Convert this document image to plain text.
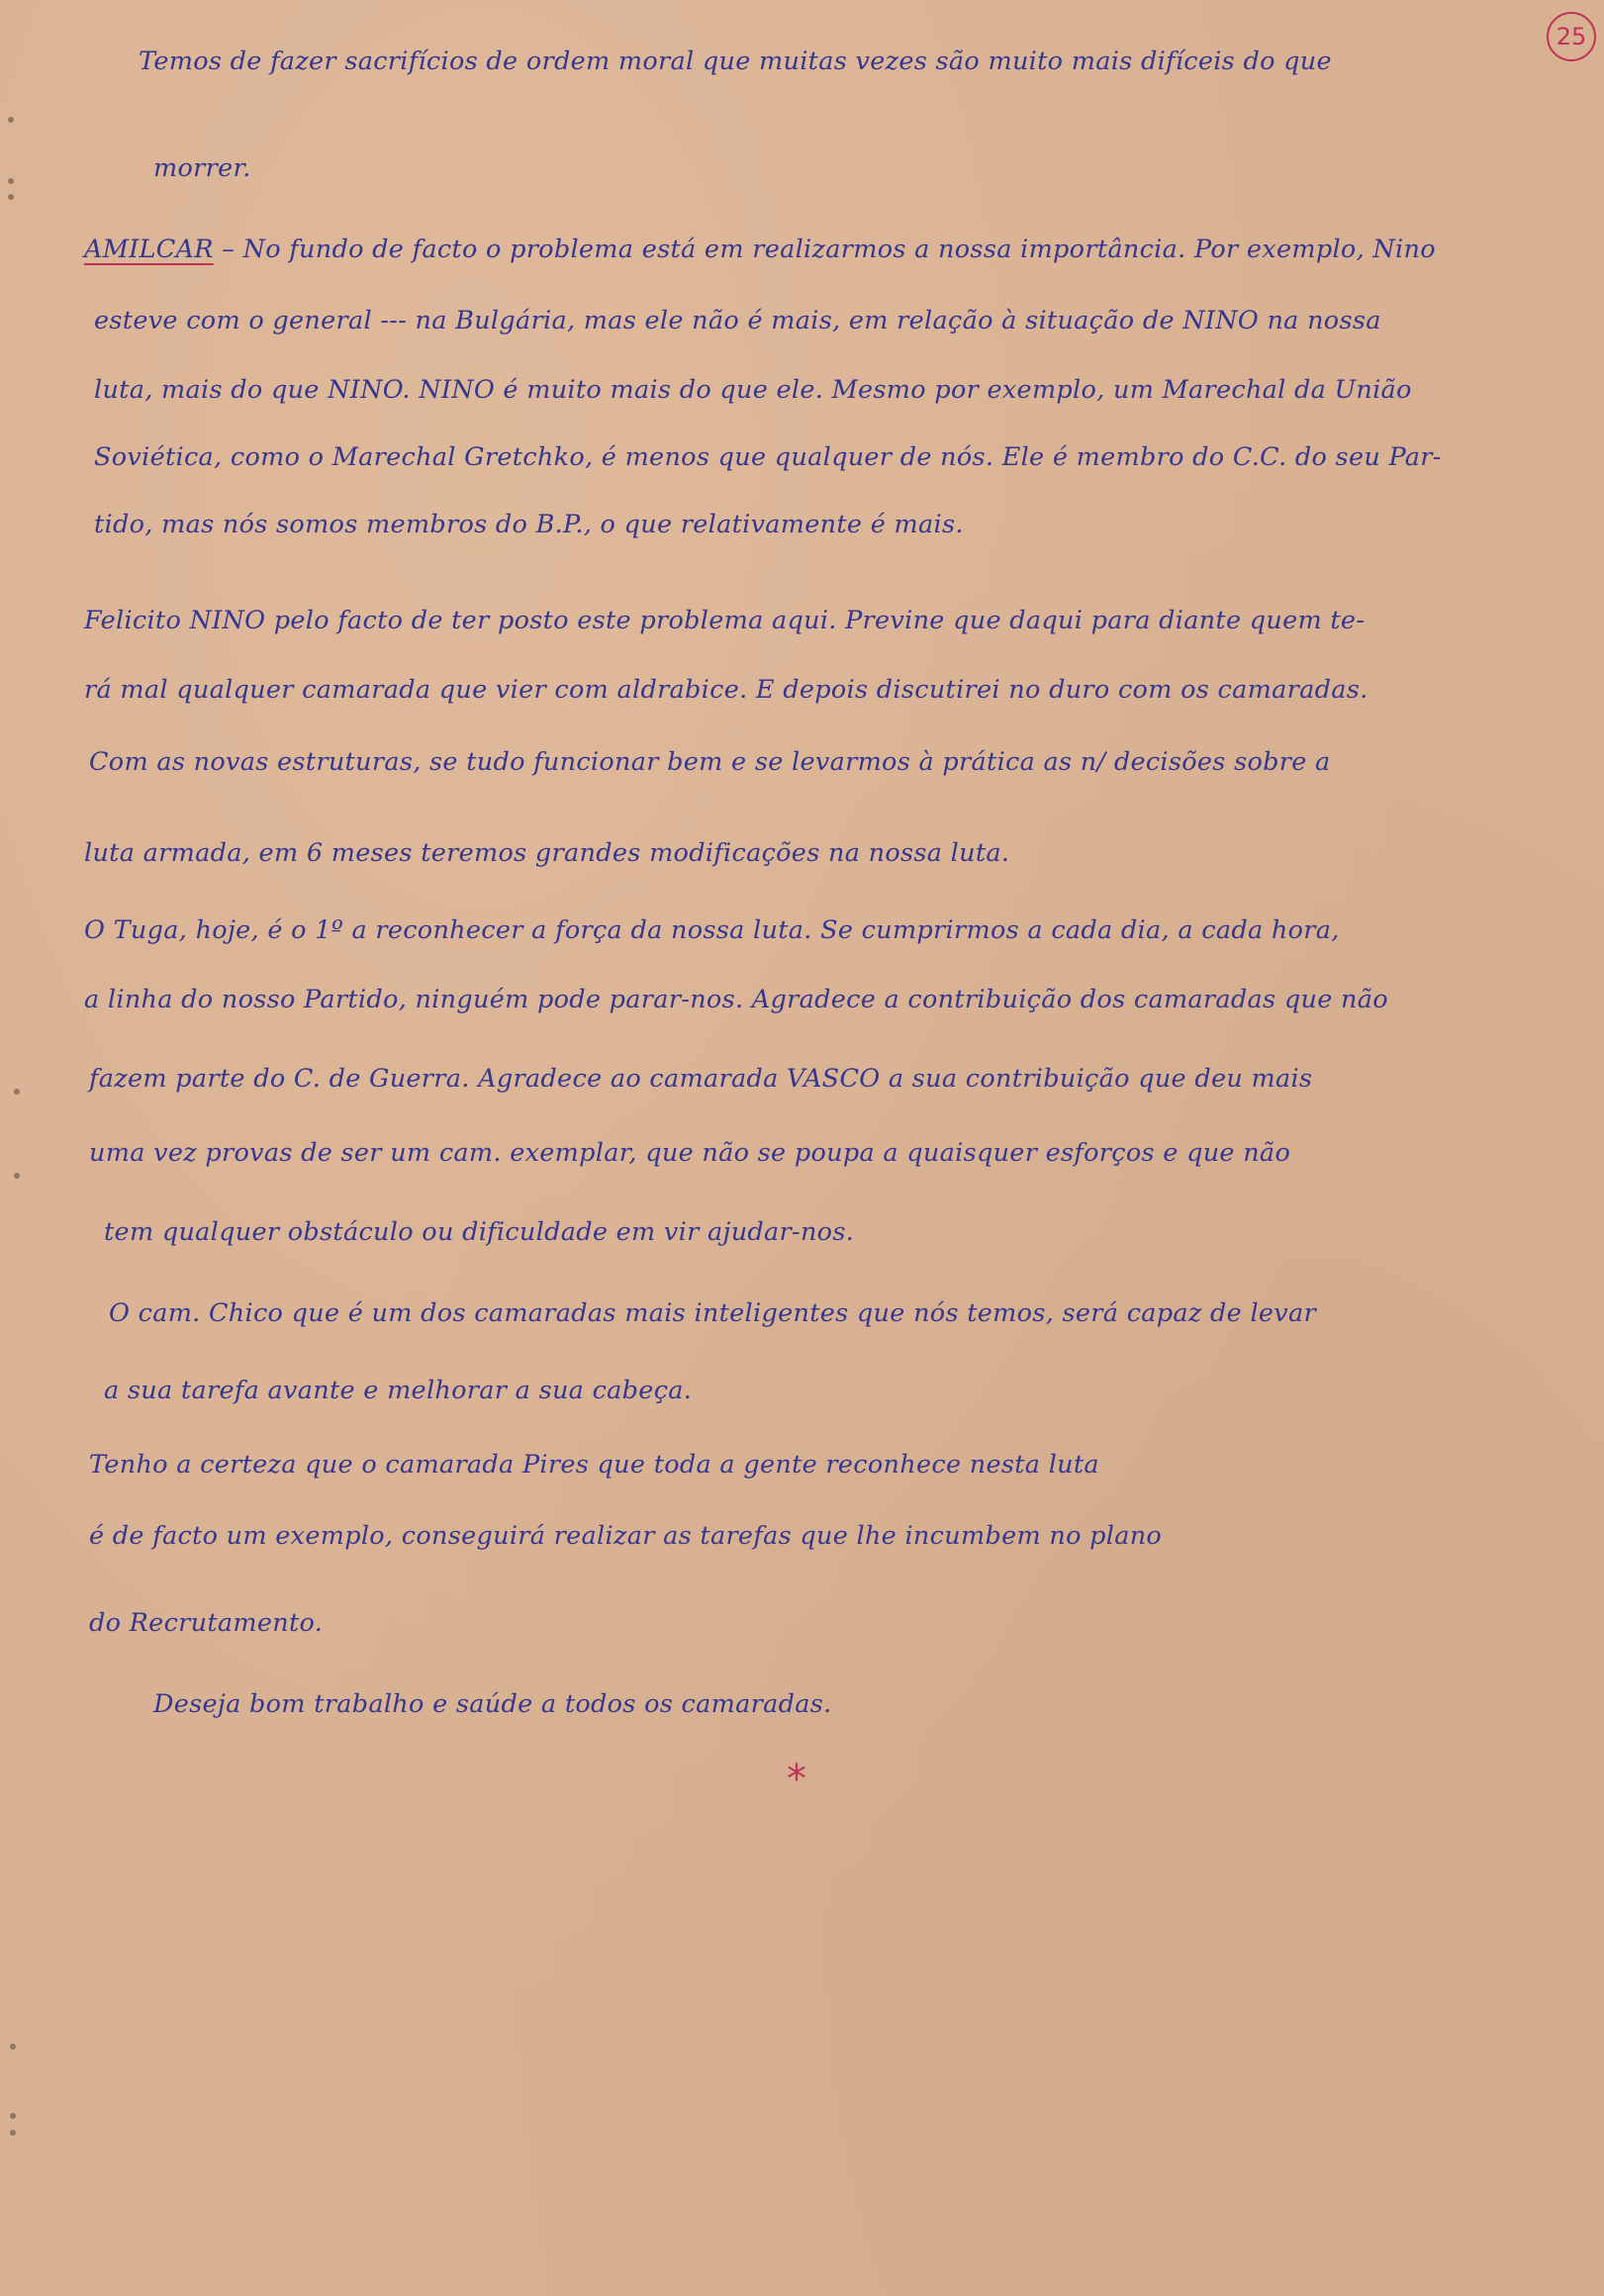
25
Temos de fazer sacrifícios de ordem moral que muitas vezes são muito mais difíceis do que
morrer.
AMILCAR – No fundo de facto o problema está em realizarmos a nossa importância. Por exemplo, Nino
esteve com o general --- na Bulgária, mas ele não é mais, em relação à situação de NINO na nossa
luta, mais do que NINO. NINO é muito mais do que ele. Mesmo por exemplo, um Marechal da União
Soviética, como o Marechal Gretchko, é menos que qualquer de nós. Ele é membro do C.C. do seu Par-
tido, mas nós somos membros do B.P., o que relativamente é mais.
Felicito NINO pelo facto de ter posto este problema aqui. Previne que daqui para diante quem te-
rá mal qualquer camarada que vier com aldrabice. E depois discutirei no duro com os camaradas.
Com as novas estruturas, se tudo funcionar bem e se levarmos à prática as n/ decisões sobre a
luta armada, em 6 meses teremos grandes modificações na nossa luta.
O Tuga, hoje, é o 1º a reconhecer a força da nossa luta. Se cumprirmos a cada dia, a cada hora,
a linha do nosso Partido, ninguém pode parar-nos. Agradece a contribuição dos camaradas que não
fazem parte do C. de Guerra. Agradece ao camarada VASCO a sua contribuição que deu mais
uma vez provas de ser um cam. exemplar, que não se poupa a quaisquer esforços e que não
tem qualquer obstáculo ou dificuldade em vir ajudar-nos.
O cam. Chico que é um dos camaradas mais inteligentes que nós temos, será capaz de levar
a sua tarefa avante e melhorar a sua cabeça.
Tenho a certeza que o camarada Pires que toda a gente reconhece nesta luta
é de facto um exemplo, conseguirá realizar as tarefas que lhe incumbem no plano
do Recrutamento.
Deseja bom trabalho e saúde a todos os camaradas.
*
